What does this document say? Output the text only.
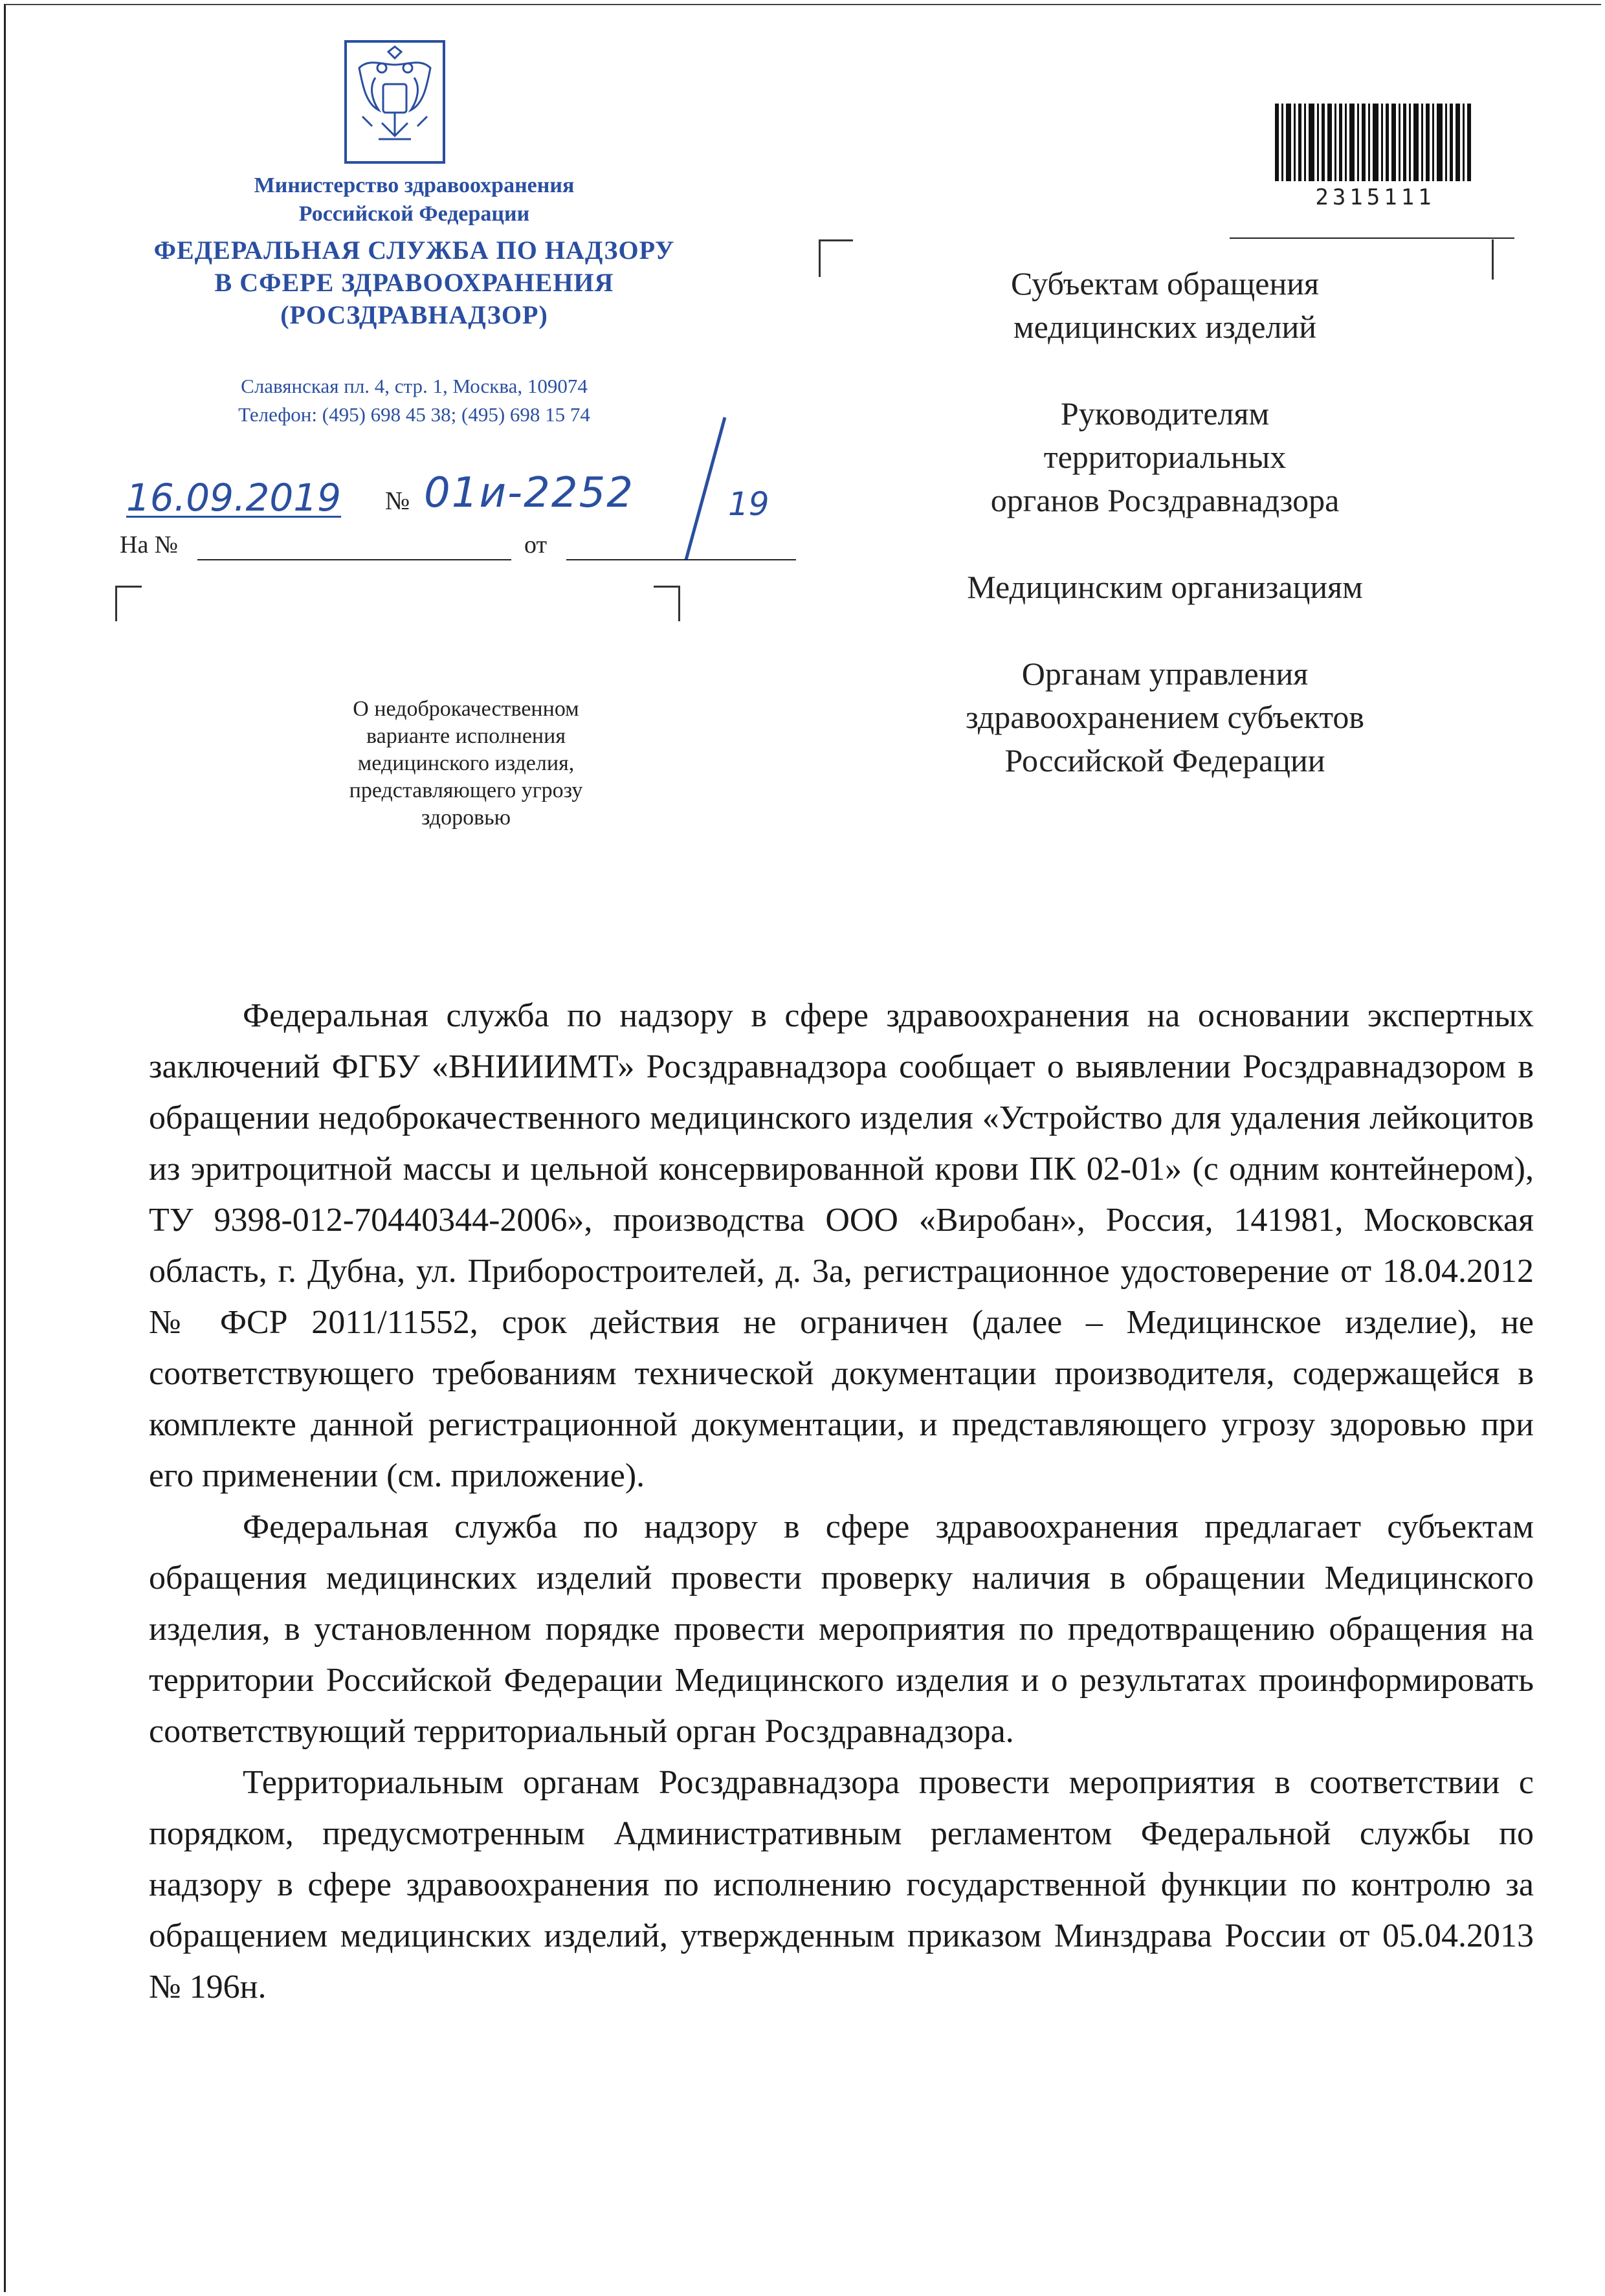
Министерство здравоохранения
Российской Федерации
ФЕДЕРАЛЬНАЯ СЛУЖБА ПО НАДЗОРУ
В СФЕРЕ ЗДРАВООХРАНЕНИЯ
(РОСЗДРАВНАДЗОР)
Славянская пл. 4, стр. 1, Москва, 109074
Телефон: (495) 698 45 38; (495) 698 15 74
16.09.2019 № 01и-2252	19
На №	от
О недоброкачественном
варианте исполнения
медицинского изделия,
представляющего угрозу
здоровью
2315111
Субъектам обращения
медицинских изделий
Руководителям
территориальных
органов Росздравнадзора
Медицинским организациям
Органам управления
здравоохранением субъектов
Российской Федерации

Федеральная служба по надзору в сфере здравоохранения на основании экспертных заключений ФГБУ «ВНИИИМТ» Росздравнадзора сообщает о выявлении Росздравнадзором в обращении недоброкачественного медицинского изделия «Устройство для удаления лейкоцитов из эритроцитной массы и цельной консервированной крови ПК 02-01» (с одним контейнером), ТУ 9398-012-70440344-2006», производства ООО «Виробан», Россия, 141981, Московская область, г. Дубна, ул. Приборостроителей, д. 3а, регистрационное удостоверение от 18.04.2012 № ФСР 2011/11552, срок действия не ограничен (далее – Медицинское изделие), не соответствующего требованиям технической документации производителя, содержащейся в комплекте данной регистрационной документации, и представляющего угрозу здоровью при его применении (см. приложение).

Федеральная служба по надзору в сфере здравоохранения предлагает субъектам обращения медицинских изделий провести проверку наличия в обращении Медицинского изделия, в установленном порядке провести мероприятия по предотвращению обращения на территории Российской Федерации Медицинского изделия и о результатах проинформировать соответствующий территориальный орган Росздравнадзора.

Территориальным органам Росздравнадзора провести мероприятия в соответствии с порядком, предусмотренным Административным регламентом Федеральной службы по надзору в сфере здравоохранения по исполнению государственной функции по контролю за обращением медицинских изделий, утвержденным приказом Минздрава России от 05.04.2013 № 196н.
